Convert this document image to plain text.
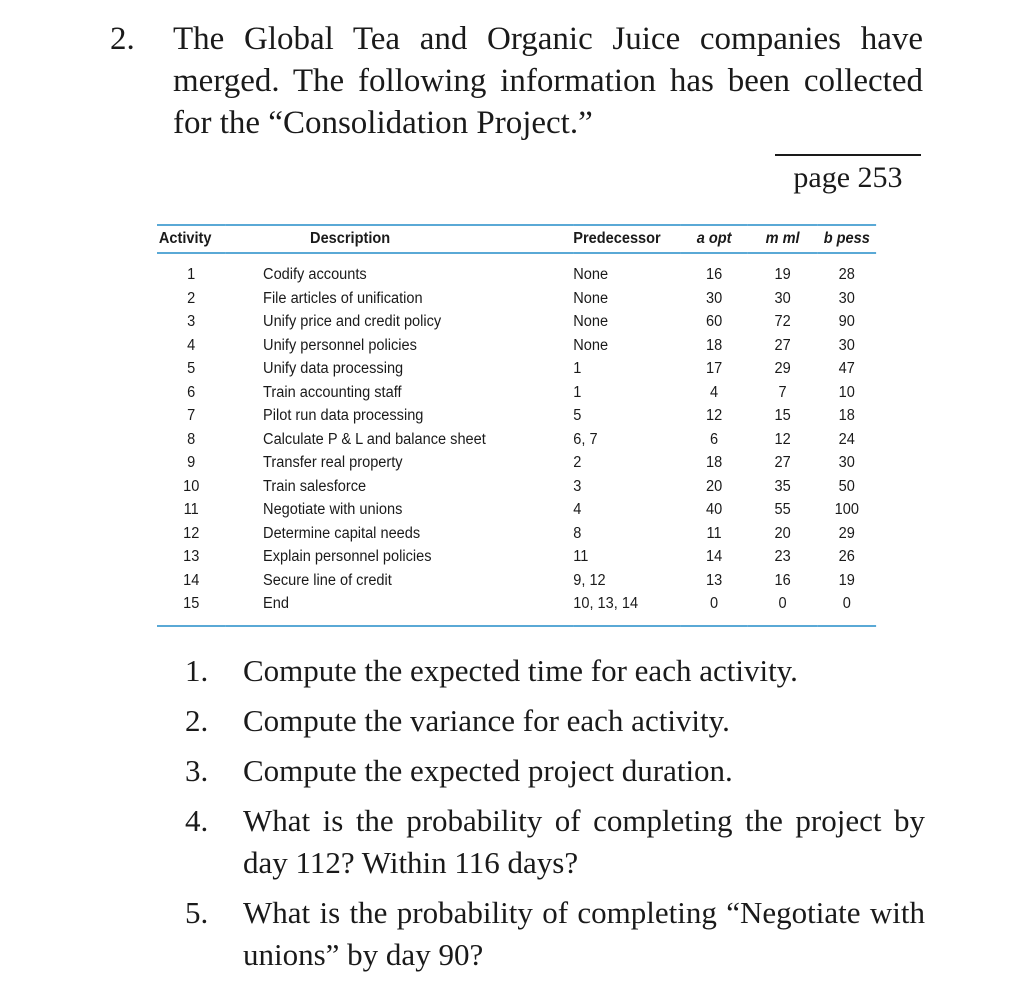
2. The Global Tea and Organic Juice companies have merged. The following information has been collected for the “Consolidation Project.”
page 253
Activity	Description	Predecessor	a opt	m ml	b pess
1	Codify accounts	None	16	19	28
2	File articles of unification	None	30	30	30
3	Unify price and credit policy	None	60	72	90
4	Unify personnel policies	None	18	27	30
5	Unify data processing	1	17	29	47
6	Train accounting staff	1	4	7	10
7	Pilot run data processing	5	12	15	18
8	Calculate P & L and balance sheet	6, 7	6	12	24
9	Transfer real property	2	18	27	30
10	Train salesforce	3	20	35	50
11	Negotiate with unions	4	40	55	100
12	Determine capital needs	8	11	20	29
13	Explain personnel policies	11	14	23	26
14	Secure line of credit	9, 12	13	16	19
15	End	10, 13, 14	0	0	0
1.	Compute the expected time for each activity.
2.	Compute the variance for each activity.
3.	Compute the expected project duration.
4.	What is the probability of completing the project by day 112? Within 116 days?
5.	What is the probability of completing “Negotiate with unions” by day 90?
